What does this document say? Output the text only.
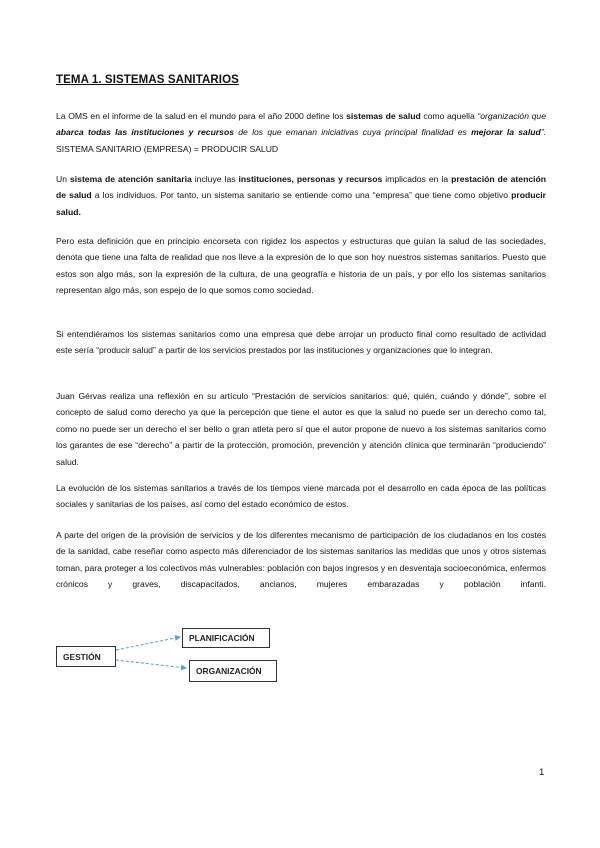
TEMA 1. SISTEMAS SANITARIOS

La OMS en el informe de la salud en el mundo para el año 2000 define los sistemas de salud como aquella “organización que abarca todas las instituciones y recursos de los que emanan iniciativas cuya principal finalidad es mejorar la salud”. SISTEMA SANITARIO (EMPRESA) = PRODUCIR SALUD

Un sistema de atención sanitaria incluye las instituciones, personas y recursos implicados en la prestación de atención de salud a los individuos. Por tanto, un sistema sanitario se entiende como una “empresa” que tiene como objetivo producir salud.

Pero esta definición que en principio encorseta con rigidez los aspectos y estructuras que guían la salud de las sociedades, denota que tiene una falta de realidad que nos lleve a la expresión de lo que son hoy nuestros sistemas sanitarios. Puesto que estos son algo más, son la expresión de la cultura, de una geografía e historia de un país, y por ello los sistemas sanitarios representan algo más, son espejo de lo que somos como sociedad.

Si entendiéramos los sistemas sanitarios como una empresa que debe arrojar un producto final como resultado de actividad este sería “producir salud” a partir de los servicios prestados por las instituciones y organizaciones que lo integran.

Juan Gérvas realiza una reflexión en su artículo “Prestación de servicios sanitarios: qué, quién, cuándo y dónde”, sobre el concepto de salud como derecho ya que la percepción que tiene el autor es que la salud no puede ser un derecho como tal, como no puede ser un derecho el ser bello o gran atleta pero sí que el autor propone de nuevo a los sistemas sanitarios como los garantes de ese “derecho” a partir de la protección, promoción, prevención y atención clínica que terminarán “produciendo” salud.

La evolución de los sistemas sanitarios a través de los tiempos viene marcada por el desarrollo en cada época de las políticas sociales y sanitarias de los países, así como del estado económico de estos.

A parte del origen de la provisión de servicios y de los diferentes mecanismo de participación de los ciudadanos en los costes de la sanidad, cabe reseñar como aspecto más diferenciador de los sistemas sanitarios las medidas que unos y otros sistemas toman, para proteger a los colectivos más vulnerables: población con bajos ingresos y en desventaja socioeconómica, enfermos crónicos y graves, discapacitados, ancianos, mujeres embarazadas y población infanti.

GESTIÓN
PLANIFICACIÓN
ORGANIZACIÓN
1
